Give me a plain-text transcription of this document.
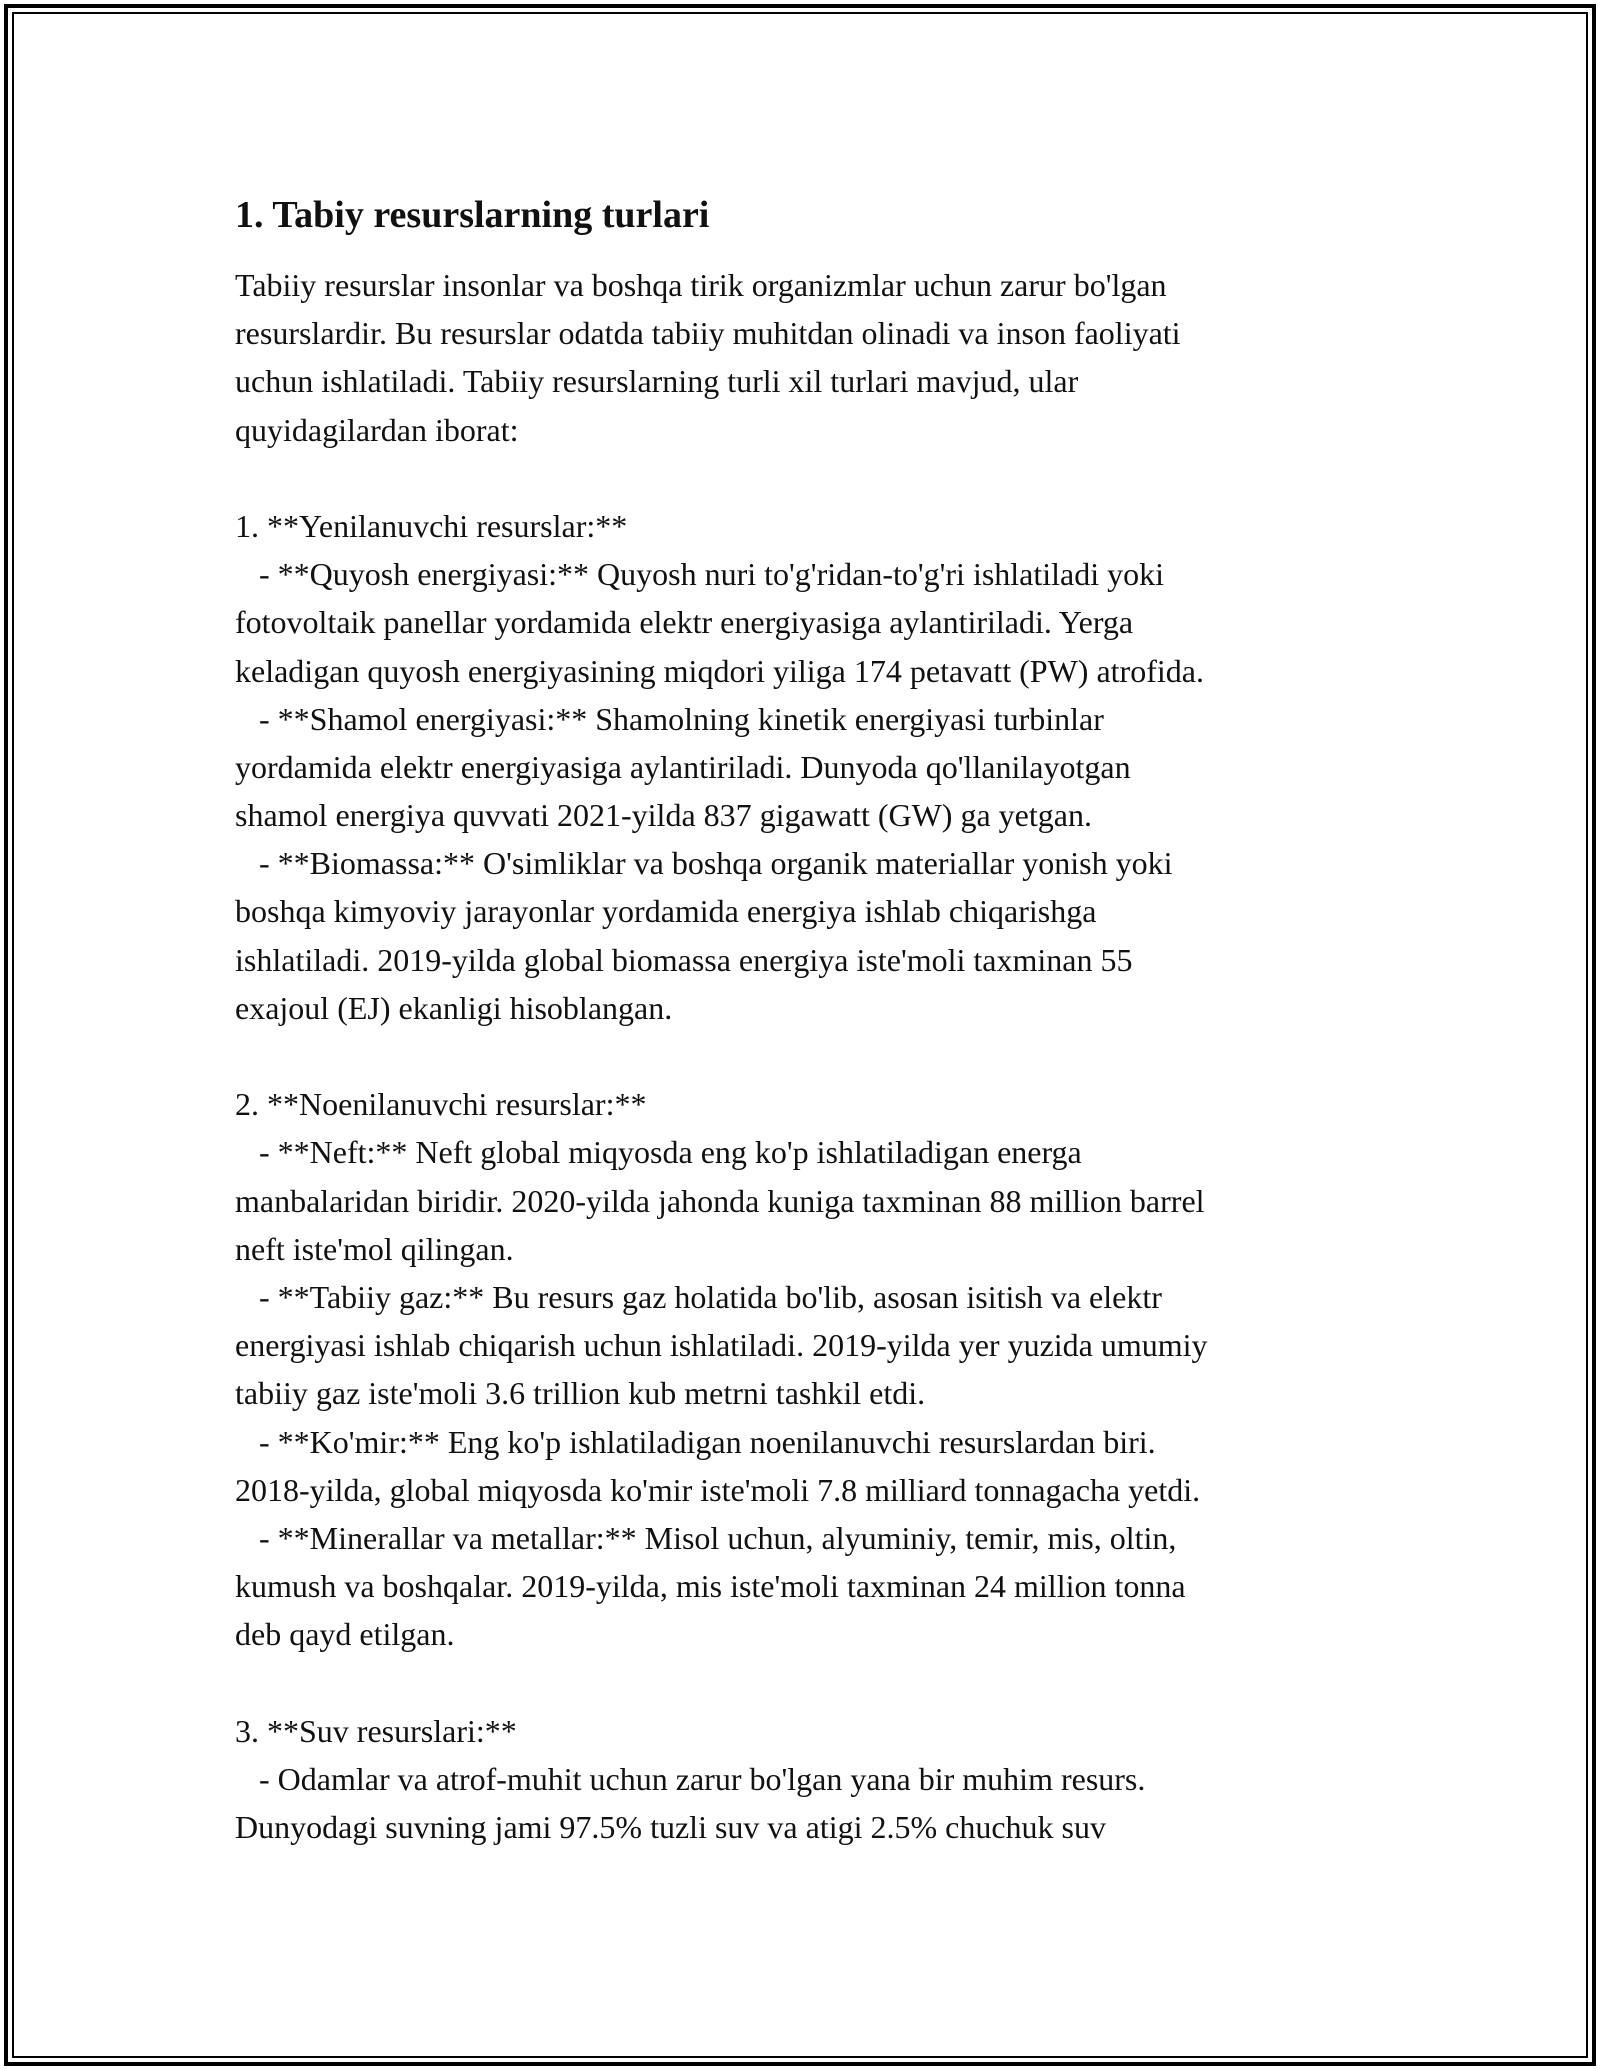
1. Tabiy resurslarning turlari
Tabiiy resurslar insonlar va boshqa tirik organizmlar uchun zarur bo'lgan
resurslardir. Bu resurslar odatda tabiiy muhitdan olinadi va inson faoliyati
uchun ishlatiladi. Tabiiy resurslarning turli xil turlari mavjud, ular
quyidagilardan iborat:
1. **Yenilanuvchi resurslar:**
- **Quyosh energiyasi:** Quyosh nuri to'g'ridan-to'g'ri ishlatiladi yoki
fotovoltaik panellar yordamida elektr energiyasiga aylantiriladi. Yerga
keladigan quyosh energiyasining miqdori yiliga 174 petavatt (PW) atrofida.
- **Shamol energiyasi:** Shamolning kinetik energiyasi turbinlar
yordamida elektr energiyasiga aylantiriladi. Dunyoda qo'llanilayotgan
shamol energiya quvvati 2021-yilda 837 gigawatt (GW) ga yetgan.
- **Biomassa:** O'simliklar va boshqa organik materiallar yonish yoki
boshqa kimyoviy jarayonlar yordamida energiya ishlab chiqarishga
ishlatiladi. 2019-yilda global biomassa energiya iste'moli taxminan 55
exajoul (EJ) ekanligi hisoblangan.
2. **Noenilanuvchi resurslar:**
- **Neft:** Neft global miqyosda eng ko'p ishlatiladigan energa
manbalaridan biridir. 2020-yilda jahonda kuniga taxminan 88 million barrel
neft iste'mol qilingan.
- **Tabiiy gaz:** Bu resurs gaz holatida bo'lib, asosan isitish va elektr
energiyasi ishlab chiqarish uchun ishlatiladi. 2019-yilda yer yuzida umumiy
tabiiy gaz iste'moli 3.6 trillion kub metrni tashkil etdi.
- **Ko'mir:** Eng ko'p ishlatiladigan noenilanuvchi resurslardan biri.
2018-yilda, global miqyosda ko'mir iste'moli 7.8 milliard tonnagacha yetdi.
- **Minerallar va metallar:** Misol uchun, alyuminiy, temir, mis, oltin,
kumush va boshqalar. 2019-yilda, mis iste'moli taxminan 24 million tonna
deb qayd etilgan.
3. **Suv resurslari:**
- Odamlar va atrof-muhit uchun zarur bo'lgan yana bir muhim resurs.
Dunyodagi suvning jami 97.5% tuzli suv va atigi 2.5% chuchuk suv
